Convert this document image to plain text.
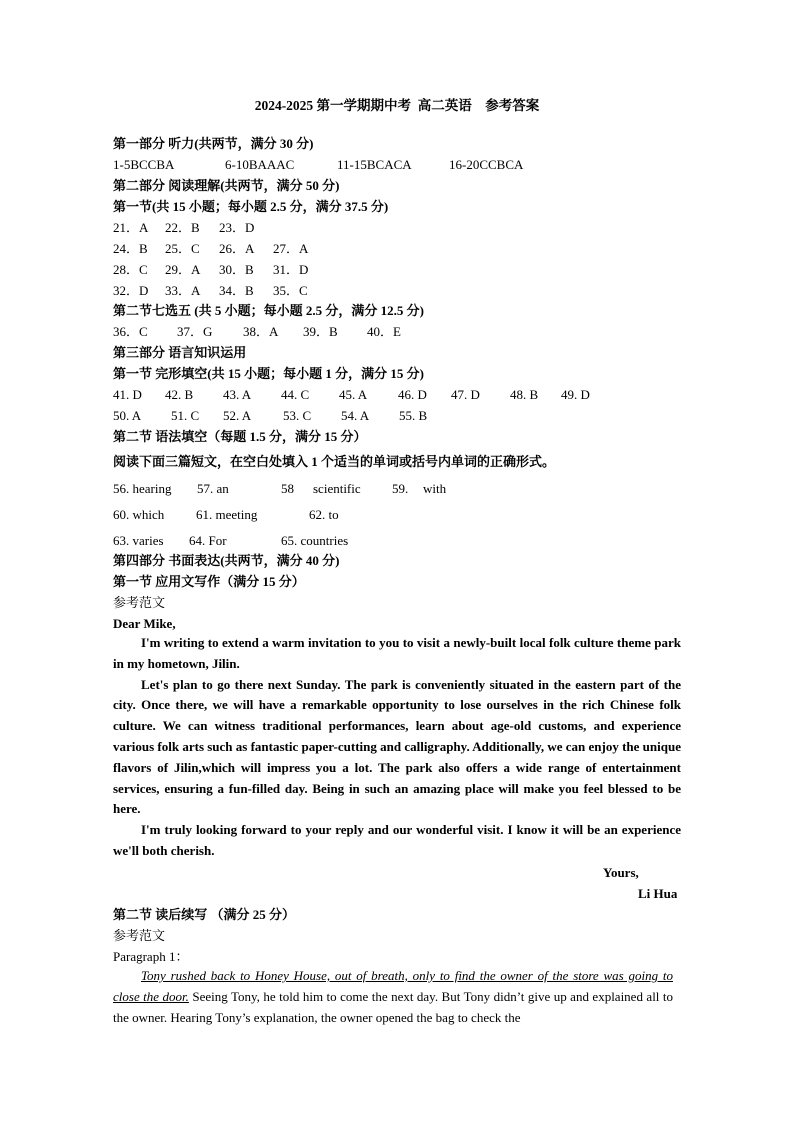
2024-2025 第一学期期中考  高二英语    参考答案
第一部分 听力(共两节，满分 30 分)
1-5BCCBA	6-10BAAAC	11-15BCACA	16-20CCBCA
第二部分 阅读理解(共两节，满分 50 分)
第一节(共 15 小题；每小题 2.5 分，满分 37.5 分)
21．A 22．B 23．D
24．B 25．C 26．A 27．A
28．C 29．A 30．B 31．D
32．D 33．A 34．B 35．C
第二节七选五 (共 5 小题；每小题 2.5 分，满分 12.5 分)
36．C 37．G 38．A 39．B 40．E
第三部分 语言知识运用
第一节 完形填空(共 15 小题；每小题 1 分，满分 15 分)
41. D 42. B 43. A 44. C 45. A 46. D 47. D 48. B 49. D
50. A 51. C 52. A 53. C 54. A 55. B
第二节 语法填空（每题 1.5 分，满分 15 分）
阅读下面三篇短文，在空白处填入 1 个适当的单词或括号内单词的正确形式。
56. hearing 57. an	58 scientific 59. with
60. which 61. meeting	62. to
63. varies 64. For	65. countries
第四部分 书面表达(共两节，满分 40 分)
第一节 应用文写作（满分 15 分）
参考范文
Dear Mike,

I'm writing to extend a warm invitation to you to visit a newly-built local folk culture theme park in my hometown, Jilin.

Let's plan to go there next Sunday. The park is conveniently situated in the eastern part of the city. Once there, we will have a remarkable opportunity to lose ourselves in the rich Chinese folk culture. We can witness traditional performances, learn about age-old customs, and experience various folk arts such as fantastic paper-cutting and calligraphy. Additionally, we can enjoy the unique flavors of Jilin,which will impress you a lot. The park also offers a wide range of entertainment services, ensuring a fun-filled day. Being in such an amazing place will make you feel blessed to be here.

I'm truly looking forward to your reply and our wonderful visit. I know it will be an experience we'll both cherish.

Yours,
Li Hua
第二节 读后续写 （满分 25 分）
参考范文
Paragraph 1：

Tony rushed back to Honey House, out of breath, only to find the owner of the store was going to close the door. Seeing Tony, he told him to come the next day. But Tony didn’t give up and explained all to the owner. Hearing Tony’s explanation, the owner opened the bag to check the
